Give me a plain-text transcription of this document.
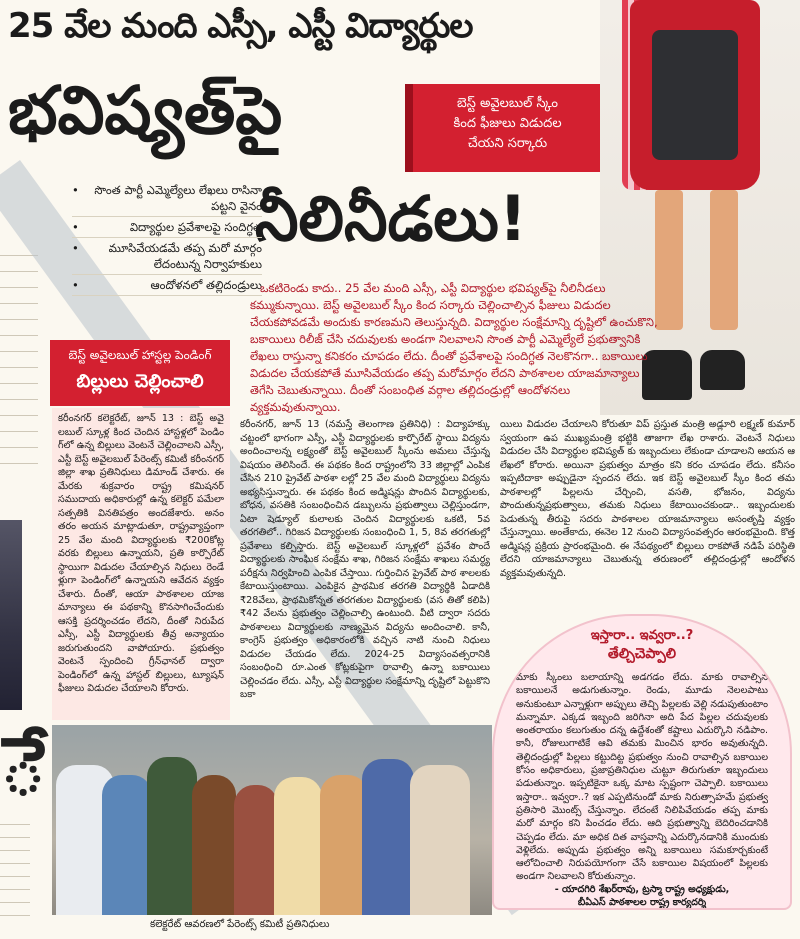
ే
25 వేల మంది ఎస్సీ, ఎస్టీ విద్యార్థుల
భవిష్యత్‌పై
నీలినీడలు!
బెస్ట్ అవైలబుల్ స్కీం
కింద ఫీజులు విడుదల
చేయని సర్కారు
• సొంత పార్టీ ఎమ్మెల్యేలు లేఖలు రాసినా పట్టని వైనం
• విద్యార్థుల ప్రవేశాలపై సందిగ్ధత
• మూసివేయడమే తప్ప మరో మార్గం లేదంటున్న నిర్వాహకులు
• ఆందోళనలో తల్లిదండ్రులు

ఒకటిరెండు కాదు.. 25 వేల మంది ఎస్సీ, ఎస్టీ విద్యార్థుల భవిష్యత్‌పై నీలినీడలు కమ్ముకున్నాయి. బెస్ట్ అవైలబుల్ స్కీం కింద సర్కారు చెల్లించాల్సిన ఫీజులు విడుదల చేయకపోవడమే అందుకు కారణమని తెలుస్తున్నది. విద్యార్థుల సంక్షేమాన్ని దృష్టిలో ఉంచుకొని, బకాయిలు రిలీజ్ చేసి చదువులకు అండగా నిలవాలని సొంత పార్టీ ఎమ్మెల్యేలే ప్రభుత్వానికి లేఖలు రాస్తున్నా కనికరం చూపడం లేదు. దీంతో ప్రవేశాలపై సందిగ్ధత నెలకొనగా.. బకాయిలు విడుదల చేయకపోతే మూసివేయడం తప్ప మరోమార్గం లేదని పాఠశాలల యాజమాన్యాలు తెగేసి చెబుతున్నాయి. దీంతో సంబంధిత వర్గాల తల్లిదండ్రుల్లో ఆందోళనలు వ్యక్తమవుతున్నాయి.

బెస్ట్ అవైలబుల్ హాస్టల్ల పెండింగ్
బిల్లులు చెల్లించాలి
కరీంనగర్ కలెక్టరేట్, జూన్ 13 : బెస్ట్ అవై లబుల్ స్కూళ్ల కింద చెందిన హాస్టళ్లలో పెండిం గ్‌లో ఉన్న బిల్లులు వెంటనే చెల్లించాలని ఎస్సీ, ఎస్టీ బెస్ట్ అవైలబుల్ పేరెంట్స్ కమిటీ కరీంనగర్ జిల్లా శాఖ ప్రతినిధులు డిమాండ్ చేశారు. ఈ మేరకు శుక్రవారం రాష్ట్ర కమిషనర్ సముదాయ అధికారుల్లో ఉన్న కలెక్టర్ పమేలా సత్పతికి వినతిపత్రం అందజేశారు. అనం తరం అయన మాట్లాడుతూ, రాష్ట్రవ్యాప్తంగా 25 వేల మంది విద్యార్థులకు ₹200కోట్ల వరకు బిల్లులు ఉన్నాయని, ప్రతి కార్పొరేట్ స్థాయిగా విడుదల చేయాల్సిన నిధులు రెండే ళ్లుగా పెండింగ్‌లో ఉన్నాయని ఆవేదన వ్యక్తం చేశారు. దీంతో, ఆయా పాఠశాలల యాజ మాన్యాలు ఈ పథకాన్ని కొనసాగించేందుకు ఆసక్తి ప్రదర్శించడం లేదని, దీంతో నిరుపేద ఎస్సీ, ఎస్టీ విద్యార్థులకు తీవ్ర అన్యాయం జరుగుతుందని వాపోయారు. ప్రభుత్వం వెంటనే స్పందించి గ్రీన్‌ఛానల్ ద్వారా పెండింగ్‌లో ఉన్న హాస్టల్ బిల్లులు, ట్యూషన్ ఫీజులు విడుదల చేయాలని కోరారు.
కరీంనగర్, జూన్ 13 (నమస్తే తెలంగాణ ప్రతినిధి) : విద్యాహక్కు చట్టంలో భాగంగా ఎస్సీ, ఎస్టీ విద్యార్థులకు కార్పొరేట్ స్థాయి విద్యను అందించాలన్న లక్ష్యంతో బెస్ట్ అవైలబుల్ స్కీంను అమలు చేస్తున్న విషయం తెలిసిందే. ఈ పథకం కింద రాష్ట్రంలోని 33 జిల్లాల్లో ఎంపిక చేసిన 210 ప్రైవేట్ పాఠశా లల్లో 25 వేల మంది విద్యార్థులు విద్యను అభ్యసిస్తున్నారు. ఈ పథకం కింద అడ్మిషన్లు పొందిన విద్యార్థులకు, బోధన, వసతికి సంబంధించిన డబ్బులను ప్రభుత్వాలు చెల్లిస్తుండగా, ఏటా షెడ్యూల్ కులాలకు చెందిన విద్యార్థులకు ఒకటి, 5వ తరగతిలో.. గిరిజన విద్యార్థులకు సంబంధించి 1, 5, 8వ తరగతుల్లో ప్రవేశాలు కల్పిస్తారు. బెస్ట్ అవైలబుల్ స్కూళ్లలో ప్రవేశం పొందే విద్యార్థులకు సాంఘిక సంక్షేమ శాఖ, గిరిజన సంక్షేమ శాఖలు సమర్ధ్య పరీక్షను నిర్వహించి ఎంపిక చేస్తాయి. గుర్తించిన ప్రైవేట్ పాఠ శాలలకు కేటాయిస్తుంటాయి. ఎంపికైన ప్రాథమిక తరగతి విద్యార్థికి ఏడాదికి ₹28వేలు, ప్రాథమికోన్నత తరగతుల విద్యార్థులకు (వస తితో కలిపి) ₹42 వేలను ప్రభుత్వం చెల్లించాల్సి ఉంటుంది. వీటి ద్వారా సదరు పాఠశాలలు విద్యార్థులకు నాణ్యమైన విద్యను అందించాలి. కానీ, కాంగ్రెస్ ప్రభుత్వం అధికారంలోకి వచ్చిన నాటి నుంచి నిధులు విడుదల చేయడం లేదు. 2024-25 విద్యాసంవత్సరానికి సంబంధించి రూ.ఎంత కోట్లకుపైగా రావాల్సి ఉన్నా బకాయిలు చెల్లించడం లేదు. ఎస్సీ, ఎస్టీ విద్యార్థుల సంక్షేమాన్ని దృష్టిలో పెట్టుకొని బకా
యిలు విడుదల చేయాలని కోరుతూ విప్ ప్రస్తుత మంత్రి అడ్లూరి లక్ష్మణ్ కుమార్ స్వయంగా ఉప ముఖ్యమంత్రి భట్టికి తాజాగా లేఖ రాశారు. వెంటనే నిధులు విడుదల చేసి విద్యార్థుల భవిష్యత్‌ కు ఇబ్బందులు లేకుండా చూడాలని ఆయన ఆ లేఖలో కోరారు. అయినా ప్రభుత్వం మాత్రం కని కరం చూపడం లేదు. కనీసం ఇప్పటిదాకా అప్పుడైనా స్పందన లేదు. ఇక బెస్ట్ అవైలబుల్ స్కీం కింద తమ పాఠశాలల్లో పిల్లలను చేర్చించి, వసతి, భోజనం, విద్యను పొందుతున్నప్రభుత్వాలు, తమకు నిధులు కేటాయించకుండా.. ఇబ్బందులకు పెడుతున్న తీరుపై సదరు పాఠశాలల యాజమాన్యాలు అసంతృప్తి వ్యక్తం చేస్తున్నాయి. అంతేకాదు, ఈనెల 12 నుంచి విద్యాసంవత్సరం ఆరంభమైంది. కొత్త అడ్మిషన్ల ప్రక్రియ ప్రారంభమైంది. ఈ నేపథ్యంలో బిల్లులు రాకపోతే నడిపే పరిస్థితి లేదని యాజమాన్యాలు చెబుతున్న తరుణంలో తల్లిదండ్రుల్లో ఆందోళన వ్యక్తమవుతున్నది.
కలెక్టరేట్ ఆవరణలో పేరెంట్స్ కమిటీ ప్రతినిధులు
ఇస్తారా.. ఇవ్వరా..?
తేల్చిచెప్పాలి

మాకు స్కీంలు బలాయాన్ని అడగడం లేదు. మాకు రావాల్సిన బకాయిలనే అడుగుతున్నాం. రెండు, మూడు నెలలపాటు అనుకుంటూ ఎన్నాళ్లుగా అప్పులు తెచ్చి పిల్లలకు వెల్లి నడుపుతుంటాం మన్నామా. ఎక్కడ ఇబ్బంది జరిగినా అది పేద పిల్లల చదువులకు అంతరాయం కలుగుతుం దన్న ఉద్దేశంతో కష్టాలు ఎదుర్కొని నడిపాం. కానీ, రోజులుగాటికే ఆవి తమకు మించిన భారం అవుతున్నది. తెల్లిదండ్రుల్లో పిల్లలు కట్టుదిట్ట ప్రభుత్వం నుంచి రావాల్సిన బకాయిల కోసం అధికారులు, ప్రజాప్రతినిధుల చుట్టూ తిరుగుతూ ఇబ్బందులు పడుతున్నాం. ఇప్పటికైనా ఒక్క మాట స్పష్టంగా చెప్పాలి. బకాయిలు ఇస్తారా.. ఇవ్వరా..? ఇక ఎప్పటినుండో మాకు నిరుత్సాహమే ప్రభుత్వ ప్రతిసారి మొంట్స్ చేస్తున్నాం. లేదంటే నిలిపివేయడం తప్ప మాకు మరో మార్గం కని పించడం లేదు. ఆది ప్రభుత్వాన్ని బెదిరించడానికి చెప్పడం లేదు. మా అధిక దిత వాస్తవాన్ని ఎదుర్కొనడానికి ముందుకు వెళ్లిలేదు. అప్పుడు ప్రభుత్వం అన్ని బకాయిలు సమకూర్చకుంటే ఆలోచించాలి నిరుపయోగంగా చేసే బకాయిల విషయంలో పిల్లలకు అండగా నిలవాలని కోరుతున్నాం.

- యాదగిరి శేఖర్‌రావు, ట్రస్మా రాష్ట్ర అధ్యక్షుడు,
బీఏఎస్ పాఠశాలల రాష్ట్ర కార్యదర్శి
